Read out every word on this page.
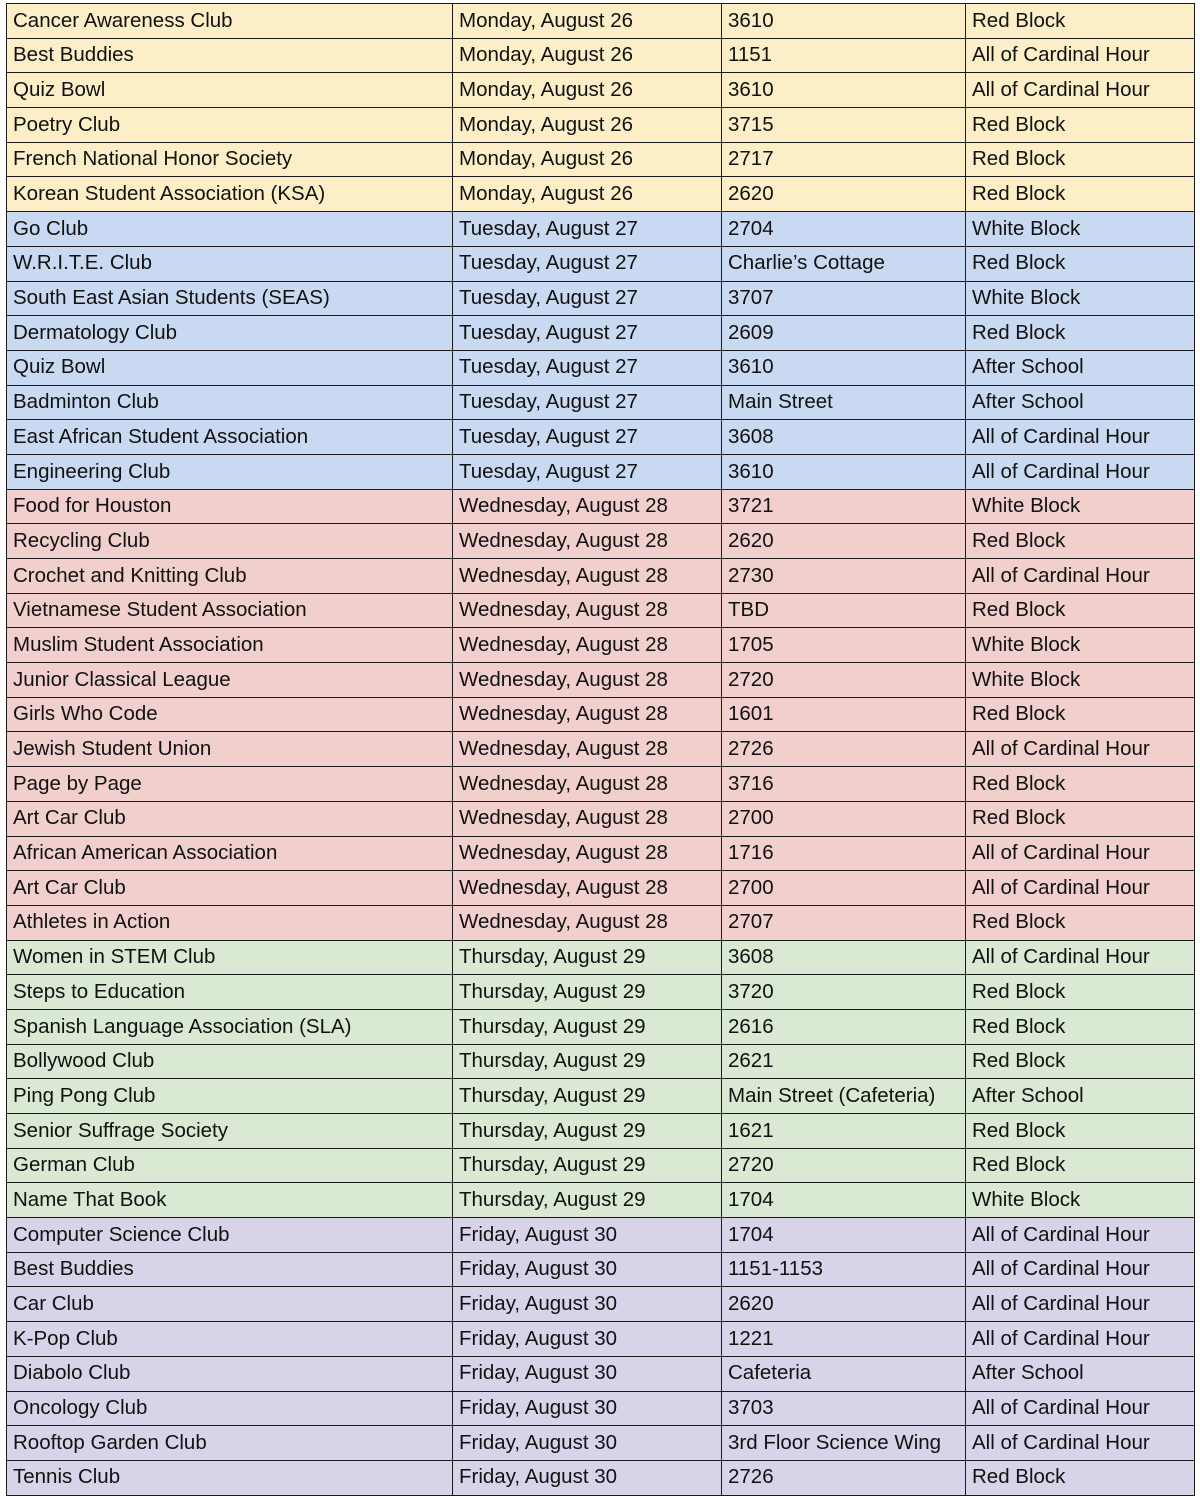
Cancer Awareness Club	Monday, August 26	3610	Red Block
Best Buddies	Monday, August 26	1151	All of Cardinal Hour
Quiz Bowl	Monday, August 26	3610	All of Cardinal Hour
Poetry Club	Monday, August 26	3715	Red Block
French National Honor Society	Monday, August 26	2717	Red Block
Korean Student Association (KSA)	Monday, August 26	2620	Red Block
Go Club	Tuesday, August 27	2704	White Block
W.R.I.T.E. Club	Tuesday, August 27	Charlie’s Cottage	Red Block
South East Asian Students (SEAS)	Tuesday, August 27	3707	White Block
Dermatology Club	Tuesday, August 27	2609	Red Block
Quiz Bowl	Tuesday, August 27	3610	After School
Badminton Club	Tuesday, August 27	Main Street	After School
East African Student Association	Tuesday, August 27	3608	All of Cardinal Hour
Engineering Club	Tuesday, August 27	3610	All of Cardinal Hour
Food for Houston	Wednesday, August 28	3721	White Block
Recycling Club	Wednesday, August 28	2620	Red Block
Crochet and Knitting Club	Wednesday, August 28	2730	All of Cardinal Hour
Vietnamese Student Association	Wednesday, August 28	TBD	Red Block
Muslim Student Association	Wednesday, August 28	1705	White Block
Junior Classical League	Wednesday, August 28	2720	White Block
Girls Who Code	Wednesday, August 28	1601	Red Block
Jewish Student Union	Wednesday, August 28	2726	All of Cardinal Hour
Page by Page	Wednesday, August 28	3716	Red Block
Art Car Club	Wednesday, August 28	2700	Red Block
African American Association	Wednesday, August 28	1716	All of Cardinal Hour
Art Car Club	Wednesday, August 28	2700	All of Cardinal Hour
Athletes in Action	Wednesday, August 28	2707	Red Block
Women in STEM Club	Thursday, August 29	3608	All of Cardinal Hour
Steps to Education	Thursday, August 29	3720	Red Block
Spanish Language Association (SLA)	Thursday, August 29	2616	Red Block
Bollywood Club	Thursday, August 29	2621	Red Block
Ping Pong Club	Thursday, August 29	Main Street (Cafeteria)	After School
Senior Suffrage Society	Thursday, August 29	1621	Red Block
German Club	Thursday, August 29	2720	Red Block
Name That Book	Thursday, August 29	1704	White Block
Computer Science Club	Friday, August 30	1704	All of Cardinal Hour
Best Buddies	Friday, August 30	1151-1153	All of Cardinal Hour
Car Club	Friday, August 30	2620	All of Cardinal Hour
K-Pop Club	Friday, August 30	1221	All of Cardinal Hour
Diabolo Club	Friday, August 30	Cafeteria	After School
Oncology Club	Friday, August 30	3703	All of Cardinal Hour
Rooftop Garden Club	Friday, August 30	3rd Floor Science Wing	All of Cardinal Hour
Tennis Club	Friday, August 30	2726	Red Block
